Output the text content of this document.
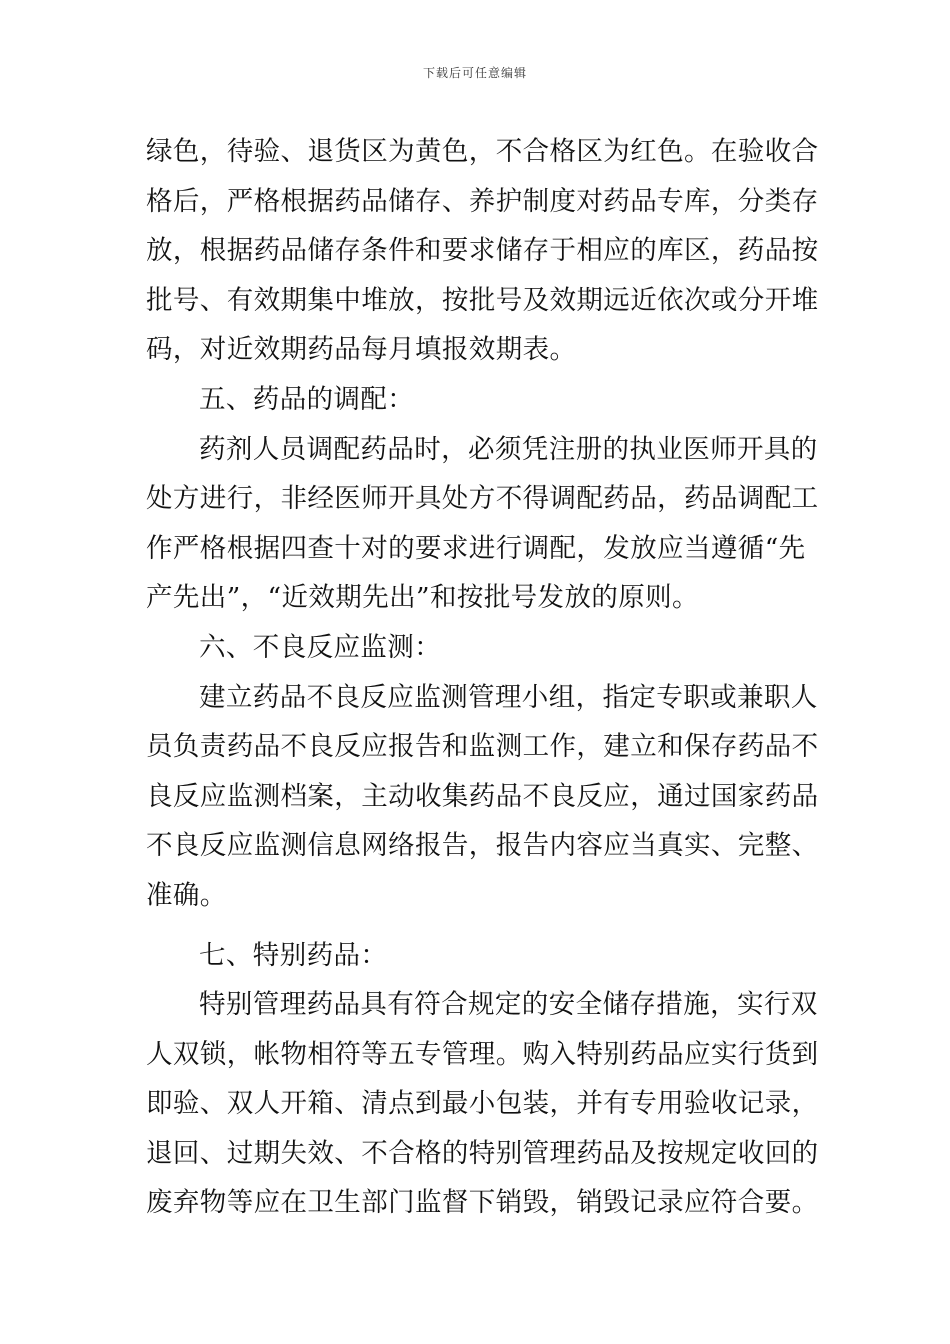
下载后可任意编辑
绿色，待验、退货区为黄色，不合格区为红色。在验收合
格后，严格根据药品储存、养护制度对药品专库，分类存
放，根据药品储存条件和要求储存于相应的库区，药品按
批号、有效期集中堆放，按批号及效期远近依次或分开堆
码，对近效期药品每月填报效期表。
五、药品的调配：
药剂人员调配药品时，必须凭注册的执业医师开具的
处方进行，非经医师开具处方不得调配药品，药品调配工
作严格根据四查十对的要求进行调配，发放应当遵循“先
产先出”，“近效期先出”和按批号发放的原则。
六、不良反应监测：
建立药品不良反应监测管理小组，指定专职或兼职人
员负责药品不良反应报告和监测工作，建立和保存药品不
良反应监测档案，主动收集药品不良反应，通过国家药品
不良反应监测信息网络报告，报告内容应当真实、完整、
准确。
七、特别药品：
特别管理药品具有符合规定的安全储存措施，实行双
人双锁，帐物相符等五专管理。购入特别药品应实行货到
即验、双人开箱、清点到最小包装，并有专用验收记录，
退回、过期失效、不合格的特别管理药品及按规定收回的
废弃物等应在卫生部门监督下销毁，销毁记录应符合要。
